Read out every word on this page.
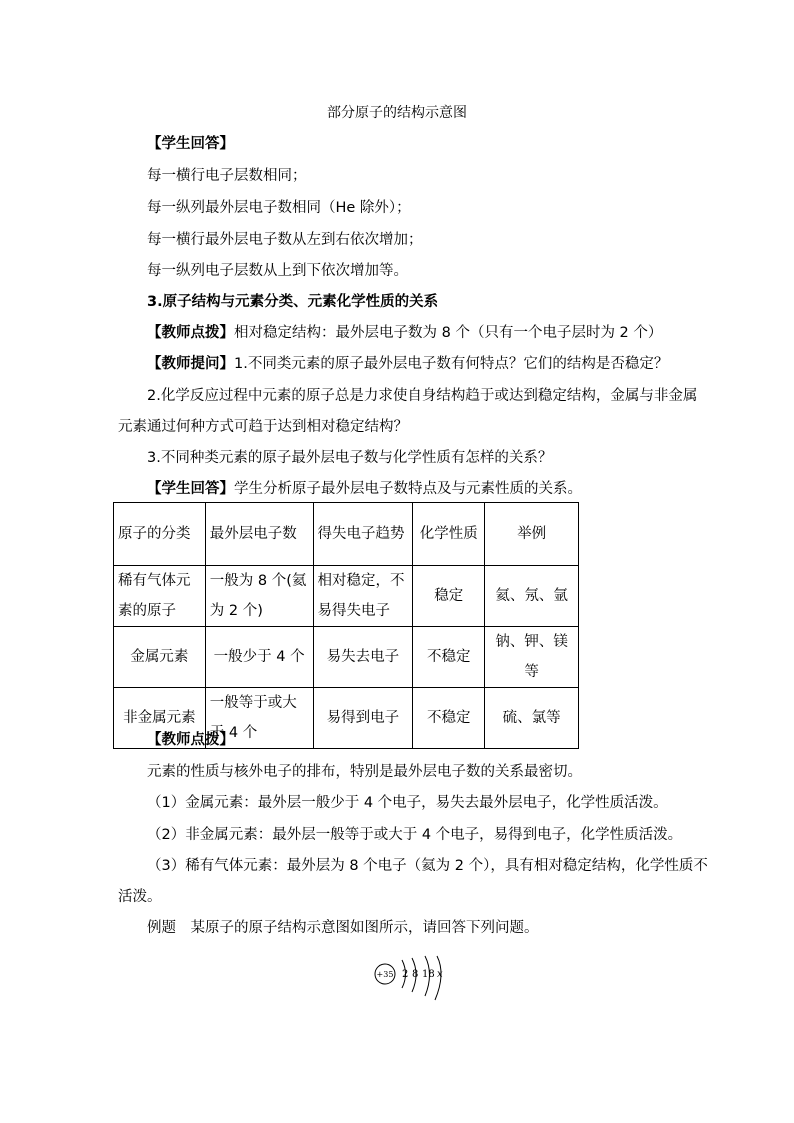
部分原子的结构示意图
【学生回答】
每一横行电子层数相同；
每一纵列最外层电子数相同（He 除外）；
每一横行最外层电子数从左到右依次增加；
每一纵列电子层数从上到下依次增加等。
3.原子结构与元素分类、元素化学性质的关系
【教师点拨】相对稳定结构：最外层电子数为 8 个（只有一个电子层时为 2 个）
【教师提问】1.不同类元素的原子最外层电子数有何特点？它们的结构是否稳定？
2.化学反应过程中元素的原子总是力求使自身结构趋于或达到稳定结构，金属与非金属
元素通过何种方式可趋于达到相对稳定结构？
3.不同种类元素的原子最外层电子数与化学性质有怎样的关系？
【学生回答】学生分析原子最外层电子数特点及与元素性质的关系。
原子的分类	最外层电子数	得失电子趋势	化学性质	举例
稀有气体元素的原子	一般为 8 个(氦为 2 个)	相对稳定，不易得失电子	稳定	氦、氖、氩
金属元素	一般少于 4 个	易失去电子	不稳定	钠、钾、镁等
非金属元素	一般等于或大于 4 个	易得到电子	不稳定	硫、氯等
【教师点拨】
元素的性质与核外电子的排布，特别是最外层电子数的关系最密切。
（1）金属元素：最外层一般少于 4 个电子，易失去最外层电子，化学性质活泼。
（2）非金属元素：最外层一般等于或大于 4 个电子，易得到电子，化学性质活泼。
（3）稀有气体元素：最外层为 8 个电子（氦为 2 个），具有相对稳定结构，化学性质不
活泼。
例题　某原子的原子结构示意图如图所示，请回答下列问题。
+35 2 8 18 x
